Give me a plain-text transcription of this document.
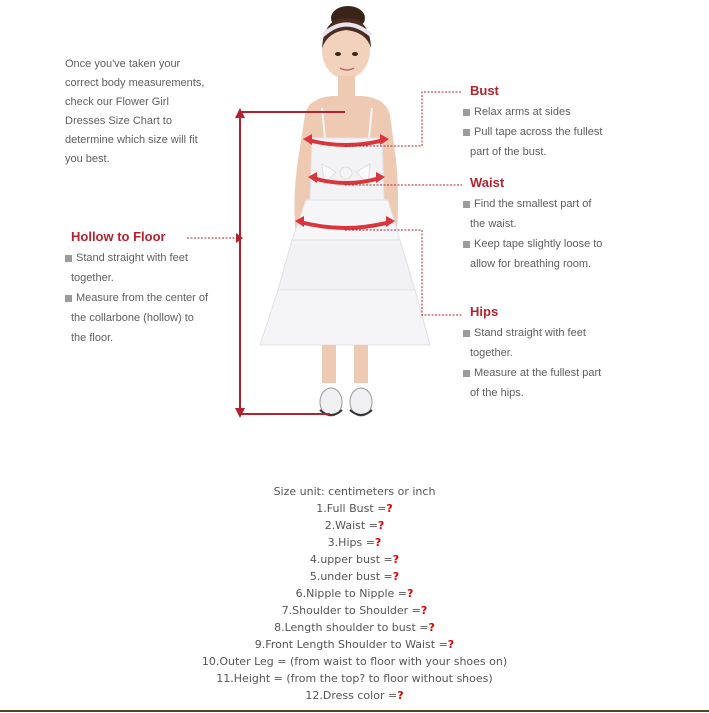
Once you've taken your
correct body measurements,
check our Flower Girl
Dresses Size Chart to
determine which size will fit
you best.
Bust
Relax arms at sides
Pull tape across the fullest
part of the bust.
Waist
Find the smallest part of
the waist.
Keep tape slightly loose to
allow for breathing room.
Hips
Stand straight with feet
together.
Measure at the fullest part
of the hips.
Hollow to Floor
Stand straight with feet
together.
Measure from the center of
the collarbone (hollow) to
the floor.
Size unit: centimeters or inch
1.Full Bust =?
2.Waist =?
3.Hips =?
4.upper bust =?
5.under bust =?
6.Nipple to Nipple =?
7.Shoulder to Shoulder =?
8.Length shoulder to bust =?
9.Front Length Shoulder to Waist =?
10.Outer Leg = (from waist to floor with your shoes on)
11.Height = (from the top? to floor without shoes)
12.Dress color =?
